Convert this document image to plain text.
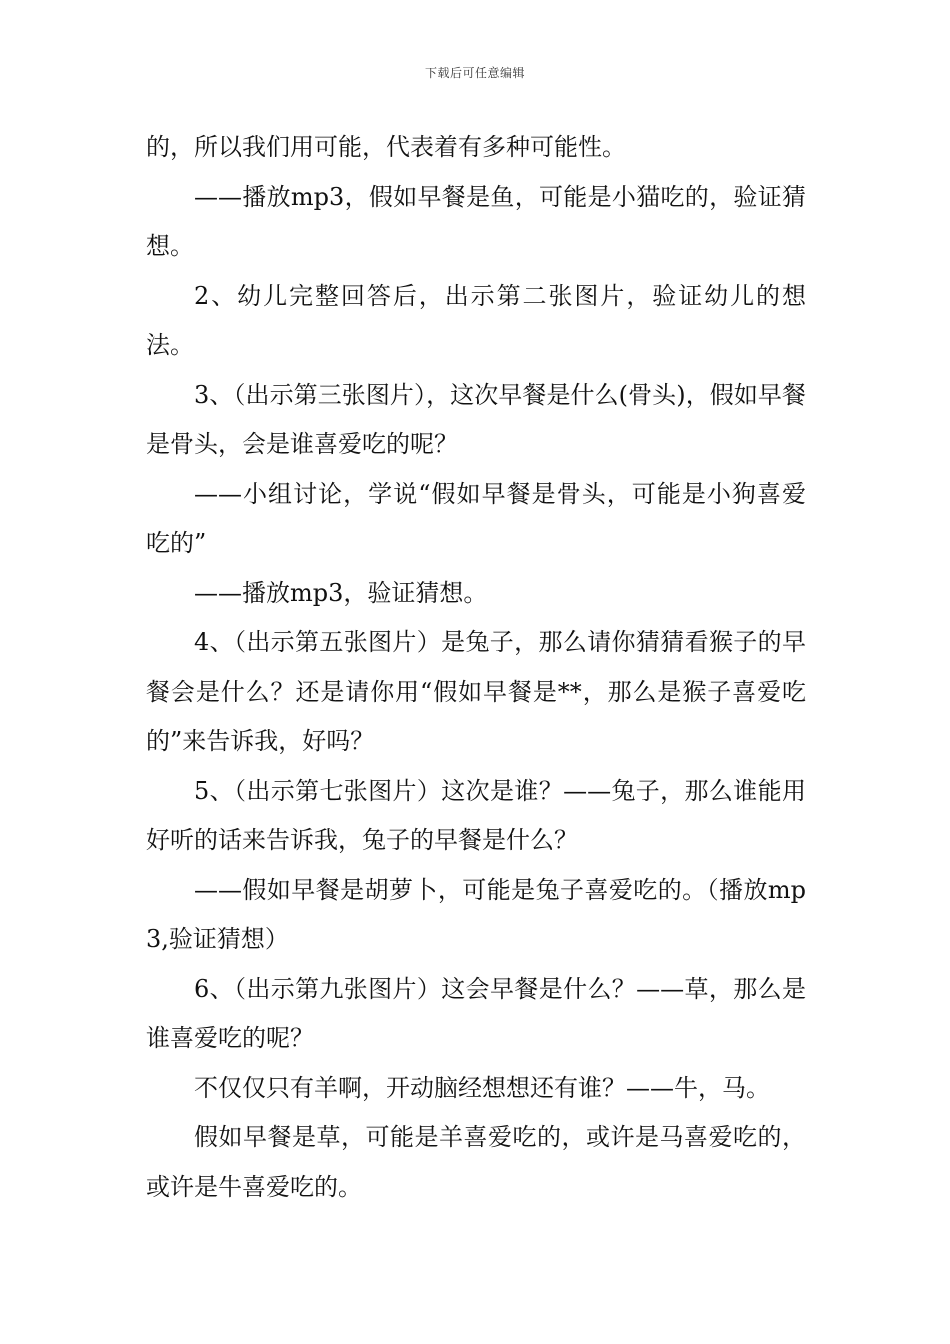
下载后可任意编辑

的，所以我们用可能，代表着有多种可能性。

——播放mp3，假如早餐是鱼，可能是小猫吃的，验证猜想。

2、幼儿完整回答后，出示第二张图片，验证幼儿的想法。

3、（出示第三张图片），这次早餐是什么(骨头)，假如早餐是骨头，会是谁喜爱吃的呢？

——小组讨论，学说“假如早餐是骨头，可能是小狗喜爱吃的”

——播放mp3，验证猜想。

4、（出示第五张图片）是兔子，那么请你猜猜看猴子的早餐会是什么？还是请你用“假如早餐是**，那么是猴子喜爱吃的”来告诉我，好吗？

5、（出示第七张图片）这次是谁？——兔子，那么谁能用好听的话来告诉我，兔子的早餐是什么？

——假如早餐是胡萝卜，可能是兔子喜爱吃的。（播放mp3,验证猜想）

6、（出示第九张图片）这会早餐是什么？——草，那么是谁喜爱吃的呢？

不仅仅只有羊啊，开动脑经想想还有谁？——牛，马。

假如早餐是草，可能是羊喜爱吃的，或许是马喜爱吃的，或许是牛喜爱吃的。
